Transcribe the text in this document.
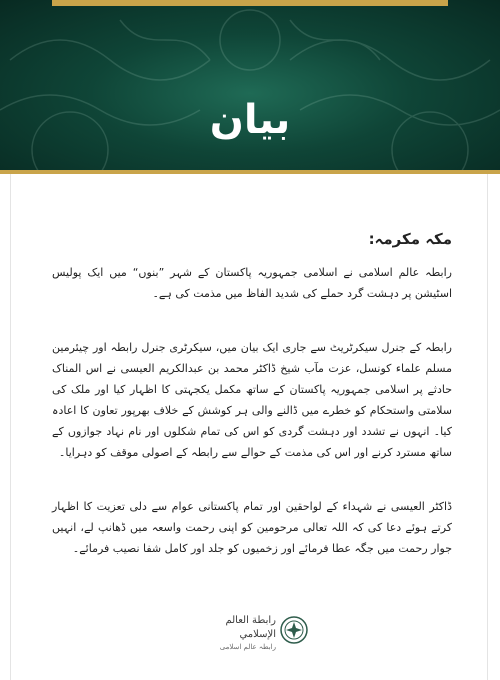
بیان

مکہ مکرمہ:

رابطہ عالم اسلامی نے اسلامی جمہوریہ پاکستان کے شہر ”بنوں“ میں ایک پولیس اسٹیشن پر دہشت گرد حملے کی شدید الفاظ میں مذمت کی ہے۔

رابطہ کے جنرل سیکرٹریٹ سے جاری ایک بیان میں، سیکرٹری جنرل رابطہ اور چیئرمین مسلم علماء کونسل، عزت مآب شیخ ڈاکٹر محمد بن عبدالکریم العیسی نے اس المناک حادثے پر اسلامی جمہوریہ پاکستان کے ساتھ مکمل یکجہتی کا اظہار کیا اور ملک کی سلامتی واستحکام کو خطرے میں ڈالنے والی ہر کوشش کے خلاف بھرپور تعاون کا اعادہ کیا۔ انہوں نے تشدد اور دہشت گردی کو اس کی تمام شکلوں اور نام نہاد جوازوں کے ساتھ مسترد کرنے اور اس کی مذمت کے حوالے سے رابطہ کے اصولی موقف کو دہرایا۔

ڈاکٹر العیسی نے شہداء کے لواحقین اور تمام پاکستانی عوام سے دلی تعزیت کا اظہار کرتے ہوئے دعا کی کہ اللہ تعالی مرحومین کو اپنی رحمت واسعہ میں ڈھانپ لے، انہیں جوار رحمت میں جگہ عطا فرمائے اور زخمیوں کو جلد اور کامل شفا نصیب فرمائے۔

رابطة العالم الإسلامي
رابطہ عالم اسلامی
